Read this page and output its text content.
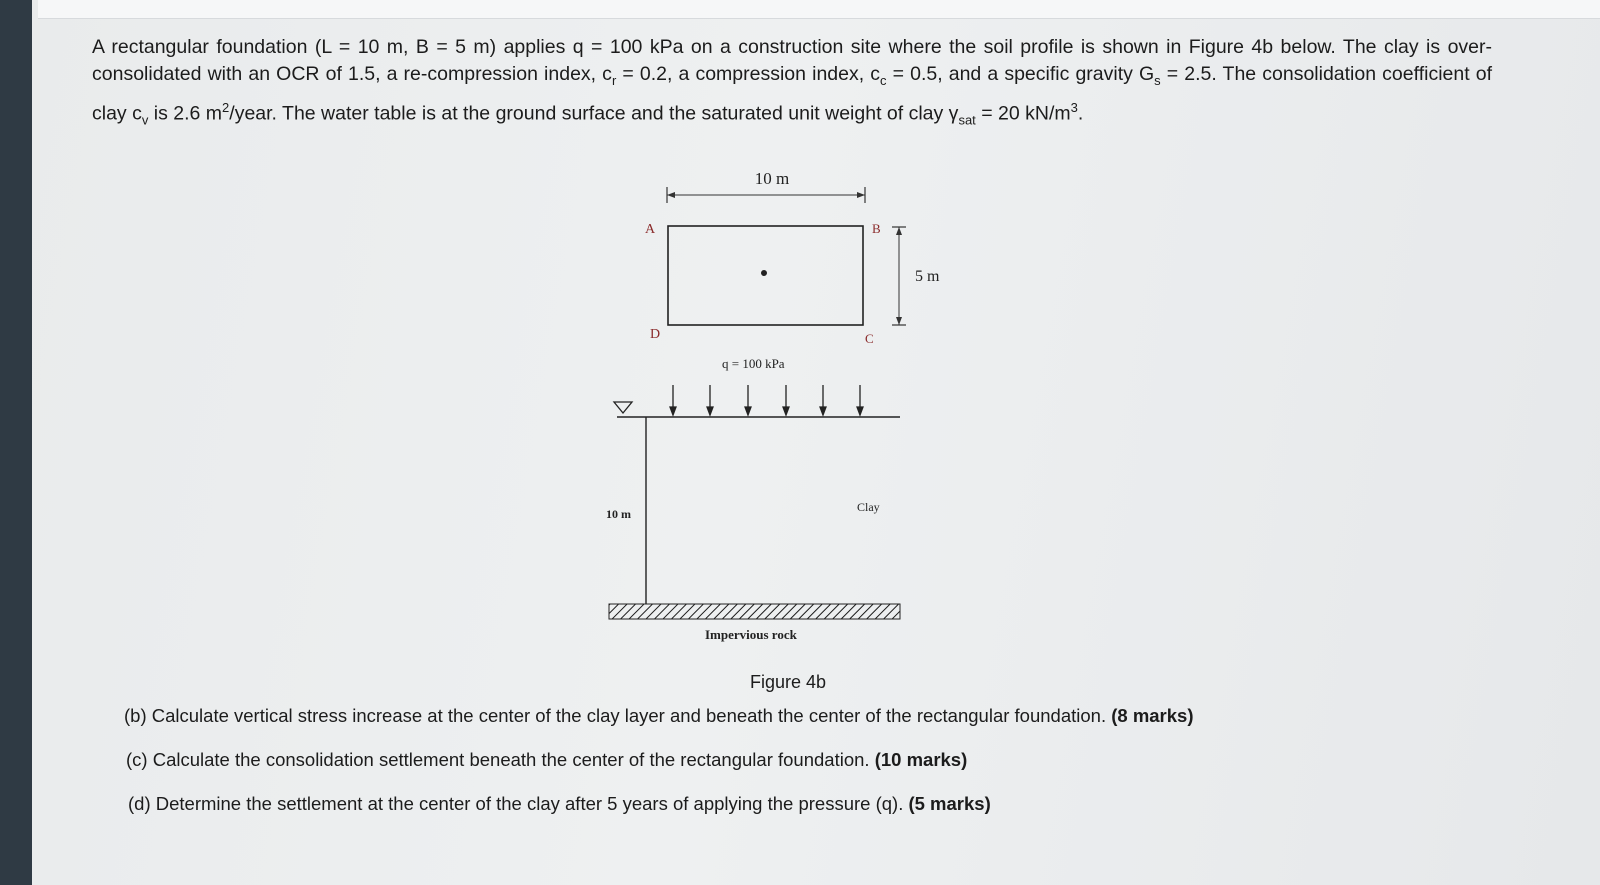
A rectangular foundation (L = 10 m, B = 5 m) applies q = 100 kPa on a construction site where the soil profile is shown in Figure 4b below. The clay is over-consolidated with an OCR of 1.5, a re-compression index, $c_r = 0.2$, a compression index, $c_c = 0.5$, and a specific gravity $G_s = 2.5$. The consolidation coefficient of clay $c_v$ is 2.6 $m^2$/year. The water table is at the ground surface and the saturated unit weight of clay $\gamma_{sat} = 20$ $kN/m^3$.

10 m
A	B
C
D
5 m
q = 100 kPa
10 m	Clay
Impervious rock
Figure 4b

(b) Calculate vertical stress increase at the center of the clay layer and beneath the center of the rectangular foundation. (8 marks)

(c) Calculate the consolidation settlement beneath the center of the rectangular foundation. (10 marks)

(d) Determine the settlement at the center of the clay after 5 years of applying the pressure (q). (5 marks)
